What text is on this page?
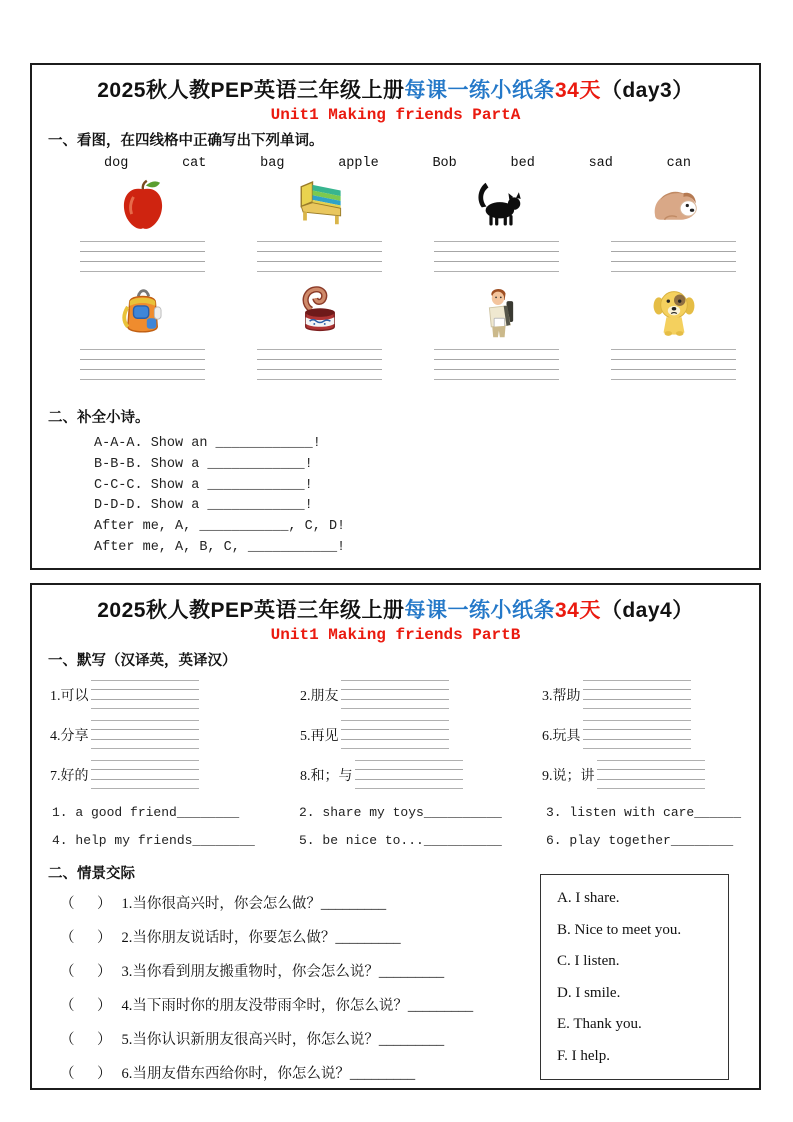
2025秋人教PEP英语三年级上册每课一练小纸条34天（day3）
Unit1 Making friends PartA
一、看图，在四线格中正确写出下列单词。
dog	cat	bag	apple	Bob	bed	sad	can
二、补全小诗。
A-A-A. Show an ____________!
B-B-B. Show a ____________!
C-C-C. Show a ____________!
D-D-D. Show a ____________!
After me, A, ___________, C, D!
After me, A, B, C, ___________!
2025秋人教PEP英语三年级上册每课一练小纸条34天（day4）
Unit1 Making friends PartB
一、默写（汉译英，英译汉）
1.可以	2.朋友	3.帮助
4.分享	5.再见	6.玩具
7.好的	8.和；与	9.说；讲
1. a good friend________	2. share my toys__________	3. listen with care______
4. help my friends________	5. be nice to...__________	6. play together________
二、情景交际
（　） 1.当你很高兴时，你会怎么做？_________
（　） 2.当你朋友说话时，你要怎么做？_________
（　） 3.当你看到朋友搬重物时，你会怎么说？_________
（　） 4.当下雨时你的朋友没带雨伞时，你怎么说？_________
（　） 5.当你认识新朋友很高兴时，你怎么说？_________
（　） 6.当朋友借东西给你时，你怎么说？_________
A. I share.
B. Nice to meet you.
C. I listen.
D. I smile.
E. Thank you.
F. I help.
